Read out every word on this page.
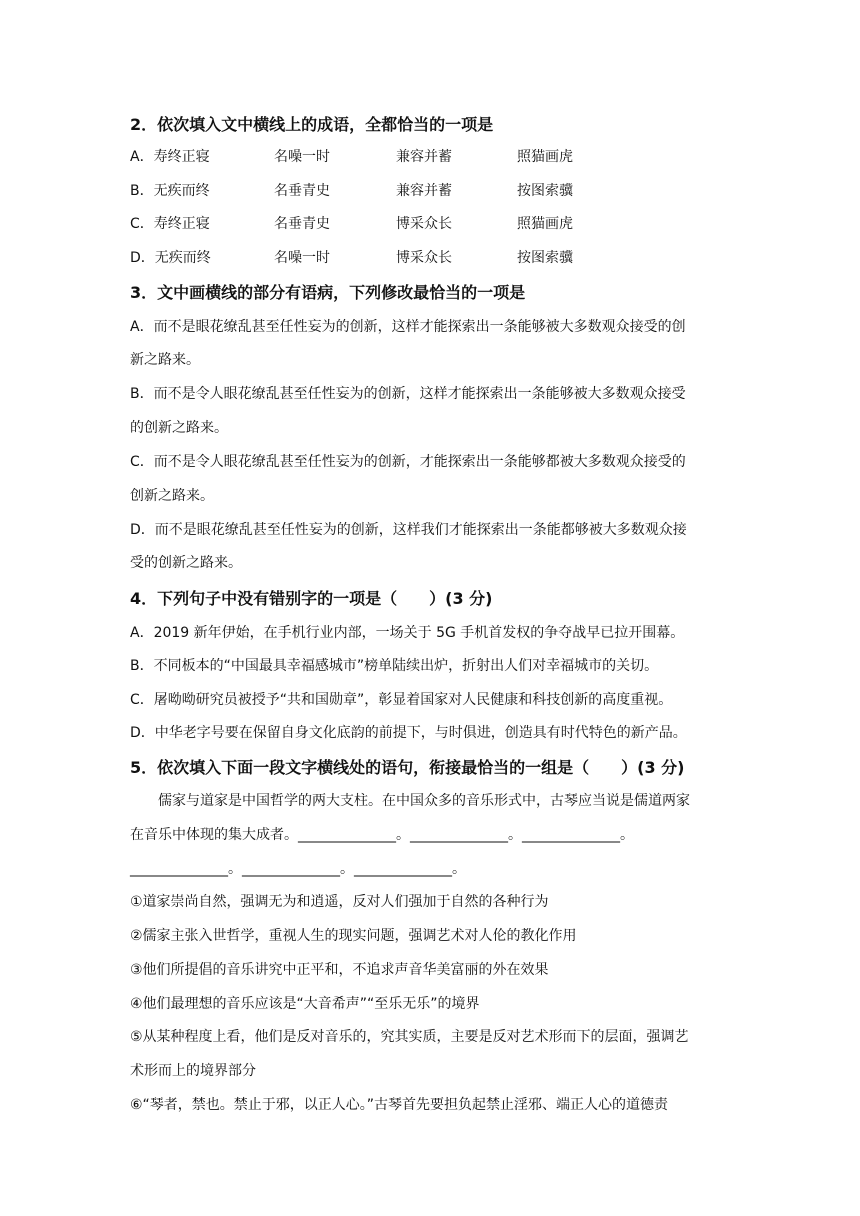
2．依次填入文中横线上的成语，全都恰当的一项是
A．寿终正寝	名噪一时	兼容并蓄	照猫画虎
B．无疾而终	名垂青史	兼容并蓄	按图索骥
C．寿终正寝	名垂青史	博采众长	照猫画虎
D．无疾而终	名噪一时	博采众长	按图索骥
3．文中画横线的部分有语病，下列修改最恰当的一项是
A．而不是眼花缭乱甚至任性妄为的创新，这样才能探索出一条能够被大多数观众接受的创
新之路来。
B．而不是令人眼花缭乱甚至任性妄为的创新，这样才能探索出一条能够被大多数观众接受
的创新之路来。
C．而不是令人眼花缭乱甚至任性妄为的创新，才能探索出一条能够都被大多数观众接受的
创新之路来。
D．而不是眼花缭乱甚至任性妄为的创新，这样我们才能探索出一条能都够被大多数观众接
受的创新之路来。
4．下列句子中没有错别字的一项是（　　）(3 分)
A．2019 新年伊始，在手机行业内部，一场关于 5G 手机首发权的争夺战早已拉开围幕。
B．不同板本的“中国最具幸福感城市”榜单陆续出炉，折射出人们对幸福城市的关切。
C．屠呦呦研究员被授予“共和国勋章”，彰显着国家对人民健康和科技创新的高度重视。
D．中华老字号要在保留自身文化底韵的前提下，与时俱进，创造具有时代特色的新产品。
5．依次填入下面一段文字横线处的语句，衔接最恰当的一组是（　　）(3 分)
儒家与道家是中国哲学的两大支柱。在中国众多的音乐形式中，古琴应当说是儒道两家
在音乐中体现的集大成者。______________。______________。______________。
______________。______________。______________。
①道家崇尚自然，强调无为和逍遥，反对人们强加于自然的各种行为
②儒家主张入世哲学，重视人生的现实问题，强调艺术对人伦的教化作用
③他们所提倡的音乐讲究中正平和，不追求声音华美富丽的外在效果
④他们最理想的音乐应该是“大音希声”“至乐无乐”的境界
⑤从某种程度上看，他们是反对音乐的，究其实质，主要是反对艺术形而下的层面，强调艺
术形而上的境界部分
⑥“琴者，禁也。禁止于邪，以正人心。”古琴首先要担负起禁止淫邪、端正人心的道德责
